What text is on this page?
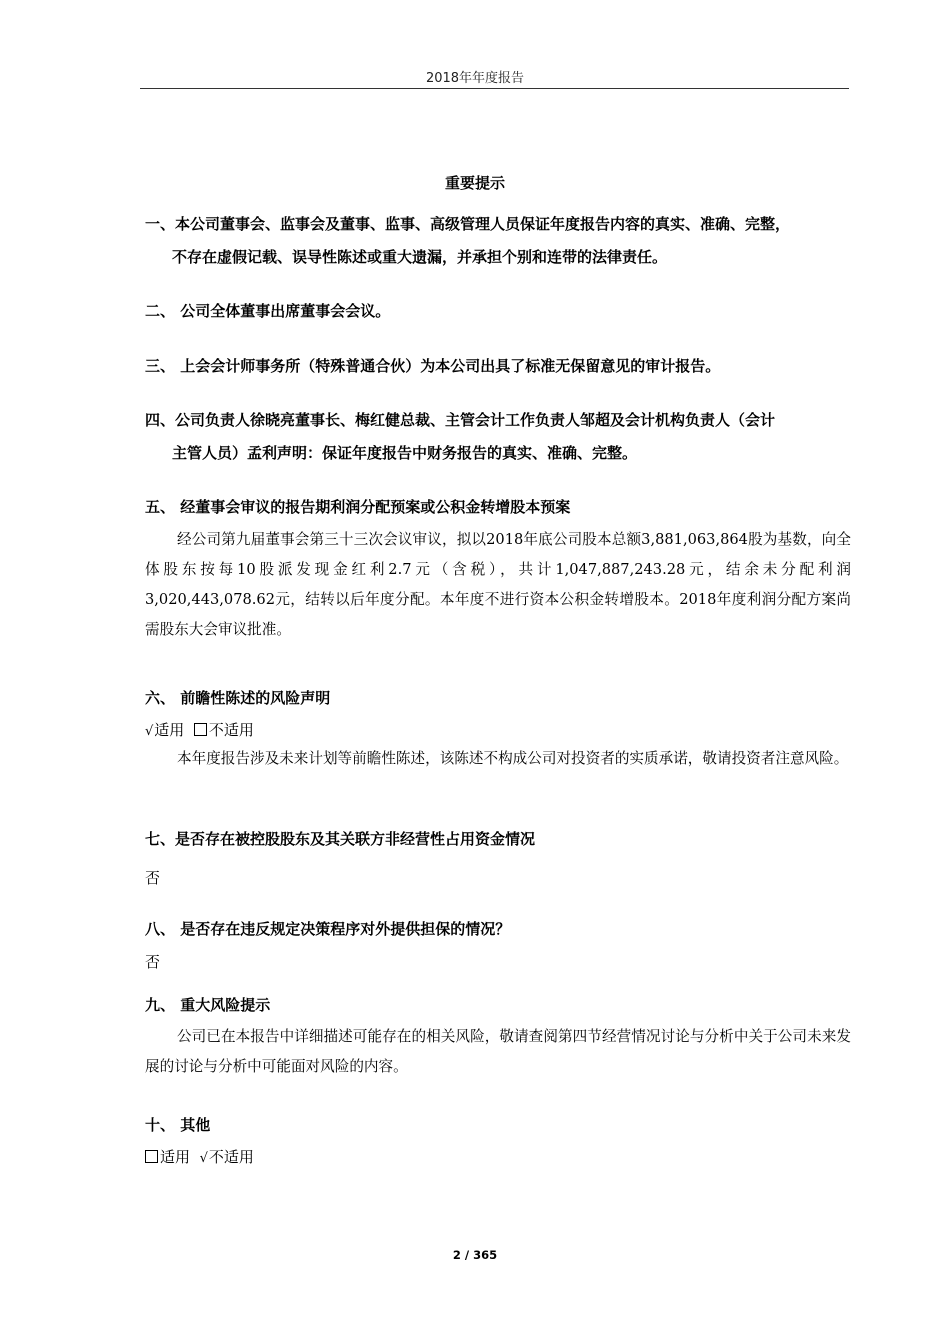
2018年年度报告
重要提示
一、本公司董事会、监事会及董事、监事、高级管理人员保证年度报告内容的真实、准确、完整，
不存在虚假记载、误导性陈述或重大遗漏，并承担个别和连带的法律责任。
二、 公司全体董事出席董事会会议。
三、 上会会计师事务所（特殊普通合伙）为本公司出具了标准无保留意见的审计报告。
四、公司负责人徐晓亮董事长、梅红健总裁、主管会计工作负责人邹超及会计机构负责人（会计
主管人员）孟利声明：保证年度报告中财务报告的真实、准确、完整。
五、 经董事会审议的报告期利润分配预案或公积金转增股本预案
经公司第九届董事会第三十三次会议审议，拟以2018年底公司股本总额3,881,063,864股为基数，向全体股东按每10股派发现金红利2.7元（含税），共计1,047,887,243.28元，结余未分配利润3,020,443,078.62元，结转以后年度分配。本年度不进行资本公积金转增股本。2018年度利润分配方案尚需股东大会审议批准。
六、 前瞻性陈述的风险声明
√适用 不适用
本年度报告涉及未来计划等前瞻性陈述，该陈述不构成公司对投资者的实质承诺，敬请投资者注意风险。
七、是否存在被控股股东及其关联方非经营性占用资金情况
否
八、 是否存在违反规定决策程序对外提供担保的情况？
否
九、 重大风险提示
公司已在本报告中详细描述可能存在的相关风险，敬请查阅第四节经营情况讨论与分析中关于公司未来发展的讨论与分析中可能面对风险的内容。
十、 其他
适用 √不适用
2 / 365
